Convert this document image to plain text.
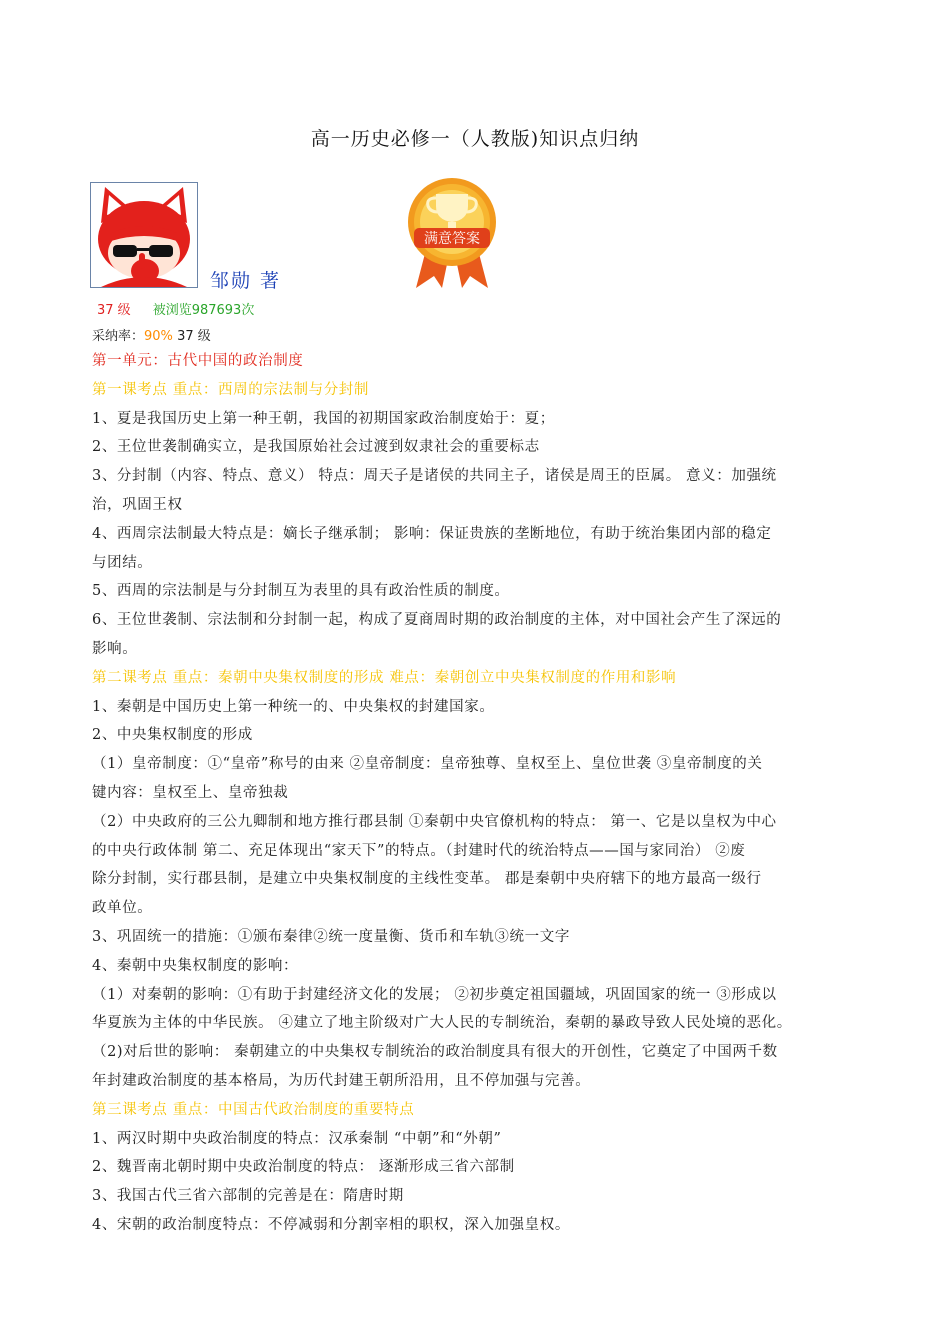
高一历史必修一（人教版)知识点归纳
邹勋 著
满意答案
37 级 被浏览987693次
采纳率：90% 37 级
第一单元：古代中国的政治制度
第一课考点 重点：西周的宗法制与分封制
1、夏是我国历史上第一种王朝，我国的初期国家政治制度始于：夏；
2、王位世袭制确实立，是我国原始社会过渡到奴隶社会的重要标志
3、分封制（内容、特点、意义） 特点：周天子是诸侯的共同主子，诸侯是周王的臣属。 意义：加强统
治，巩固王权
4、西周宗法制最大特点是：嫡长子继承制； 影响：保证贵族的垄断地位，有助于统治集团内部的稳定
与团结。
5、西周的宗法制是与分封制互为表里的具有政治性质的制度。
6、王位世袭制、宗法制和分封制一起，构成了夏商周时期的政治制度的主体，对中国社会产生了深远的
影响。
第二课考点 重点：秦朝中央集权制度的形成 难点：秦朝创立中央集权制度的作用和影响
1、秦朝是中国历史上第一种统一的、中央集权的封建国家。
2、中央集权制度的形成
（1）皇帝制度：①“皇帝”称号的由来 ②皇帝制度：皇帝独尊、皇权至上、皇位世袭 ③皇帝制度的关
键内容：皇权至上、皇帝独裁
（2）中央政府的三公九卿制和地方推行郡县制 ①秦朝中央官僚机构的特点： 第一、它是以皇权为中心
的中央行政体制 第二、充足体现出“家天下”的特点。（封建时代的统治特点——国与家同治） ②废
除分封制，实行郡县制，是建立中央集权制度的主线性变革。 郡是秦朝中央府辖下的地方最高一级行
政单位。
3、巩固统一的措施：①颁布秦律②统一度量衡、货币和车轨③统一文字
4、秦朝中央集权制度的影响：
（1）对秦朝的影响：①有助于封建经济文化的发展； ②初步奠定祖国疆域，巩固国家的统一 ③形成以
华夏族为主体的中华民族。 ④建立了地主阶级对广大人民的专制统治，秦朝的暴政导致人民处境的恶化。
（2)对后世的影响： 秦朝建立的中央集权专制统治的政治制度具有很大的开创性，它奠定了中国两千数
年封建政治制度的基本格局，为历代封建王朝所沿用，且不停加强与完善。
第三课考点 重点：中国古代政治制度的重要特点
1、两汉时期中央政治制度的特点：汉承秦制 “中朝”和“外朝”
2、魏晋南北朝时期中央政治制度的特点： 逐渐形成三省六部制
3、我国古代三省六部制的完善是在：隋唐时期
4、宋朝的政治制度特点：不停减弱和分割宰相的职权，深入加强皇权。
